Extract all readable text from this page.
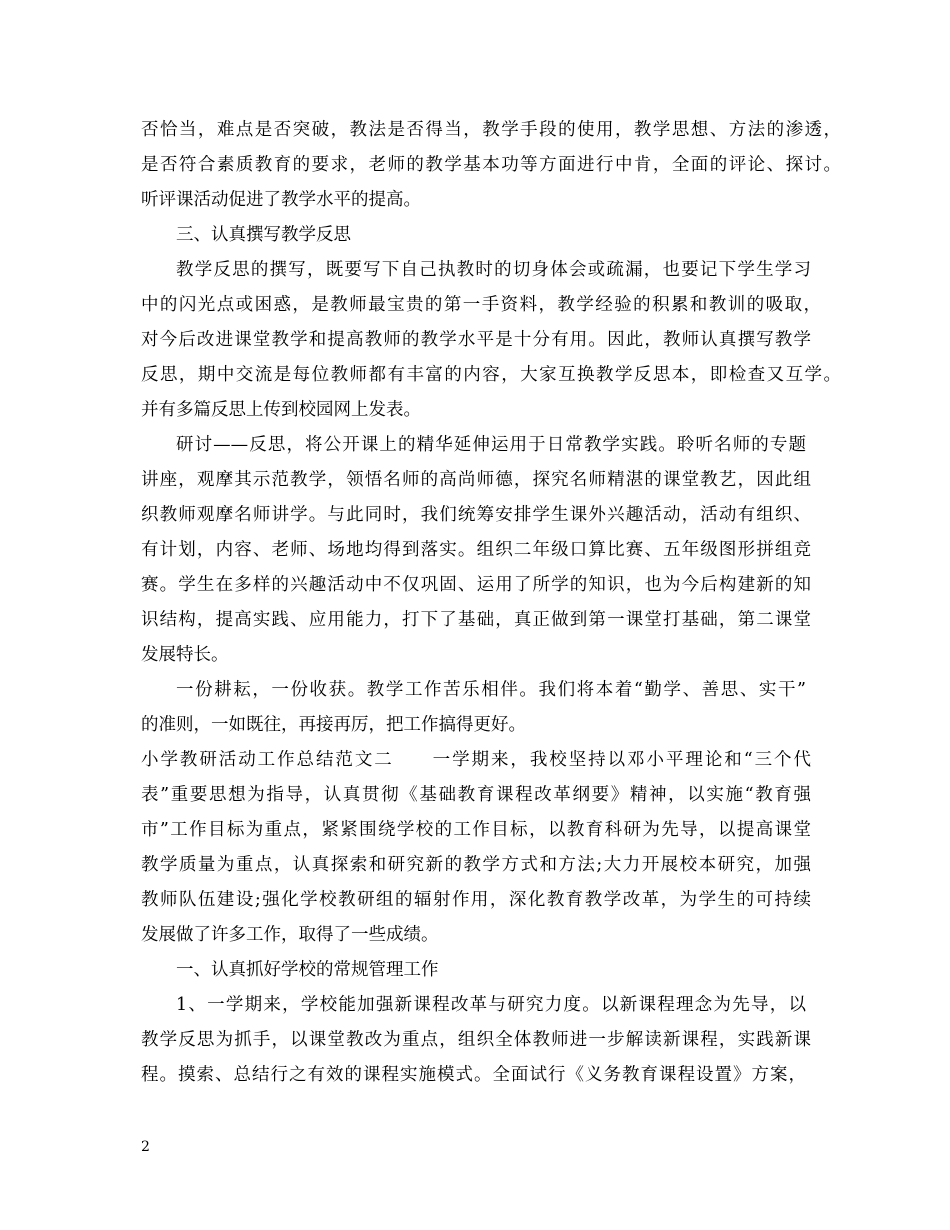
否恰当，难点是否突破，教法是否得当，教学手段的使用，教学思想、方法的渗透，
是否符合素质教育的要求，老师的教学基本功等方面进行中肯，全面的评论、探讨。
听评课活动促进了教学水平的提高。
三、认真撰写教学反思
教学反思的撰写，既要写下自己执教时的切身体会或疏漏，也要记下学生学习
中的闪光点或困惑，是教师最宝贵的第一手资料，教学经验的积累和教训的吸取，
对今后改进课堂教学和提高教师的教学水平是十分有用。因此，教师认真撰写教学
反思，期中交流是每位教师都有丰富的内容，大家互换教学反思本，即检查又互学。
并有多篇反思上传到校园网上发表。
研讨——反思，将公开课上的精华延伸运用于日常教学实践。聆听名师的专题
讲座，观摩其示范教学，领悟名师的高尚师德，探究名师精湛的课堂教艺，因此组
织教师观摩名师讲学。与此同时，我们统筹安排学生课外兴趣活动，活动有组织、
有计划，内容、老师、场地均得到落实。组织二年级口算比赛、五年级图形拼组竞
赛。学生在多样的兴趣活动中不仅巩固、运用了所学的知识，也为今后构建新的知
识结构，提高实践、应用能力，打下了基础，真正做到第一课堂打基础，第二课堂
发展特长。
一份耕耘，一份收获。教学工作苦乐相伴。我们将本着“勤学、善思、实干”
的准则，一如既往，再接再厉，把工作搞得更好。
小学教研活动工作总结范文二　　一学期来，我校坚持以邓小平理论和“三个代
表”重要思想为指导，认真贯彻《基础教育课程改革纲要》精神，以实施“教育强
市”工作目标为重点，紧紧围绕学校的工作目标，以教育科研为先导，以提高课堂
教学质量为重点，认真探索和研究新的教学方式和方法;大力开展校本研究，加强
教师队伍建设;强化学校教研组的辐射作用，深化教育教学改革，为学生的可持续
发展做了许多工作，取得了一些成绩。
一、认真抓好学校的常规管理工作
1、一学期来，学校能加强新课程改革与研究力度。以新课程理念为先导，以
教学反思为抓手，以课堂教改为重点，组织全体教师进一步解读新课程，实践新课
程。摸索、总结行之有效的课程实施模式。全面试行《义务教育课程设置》方案，
2
